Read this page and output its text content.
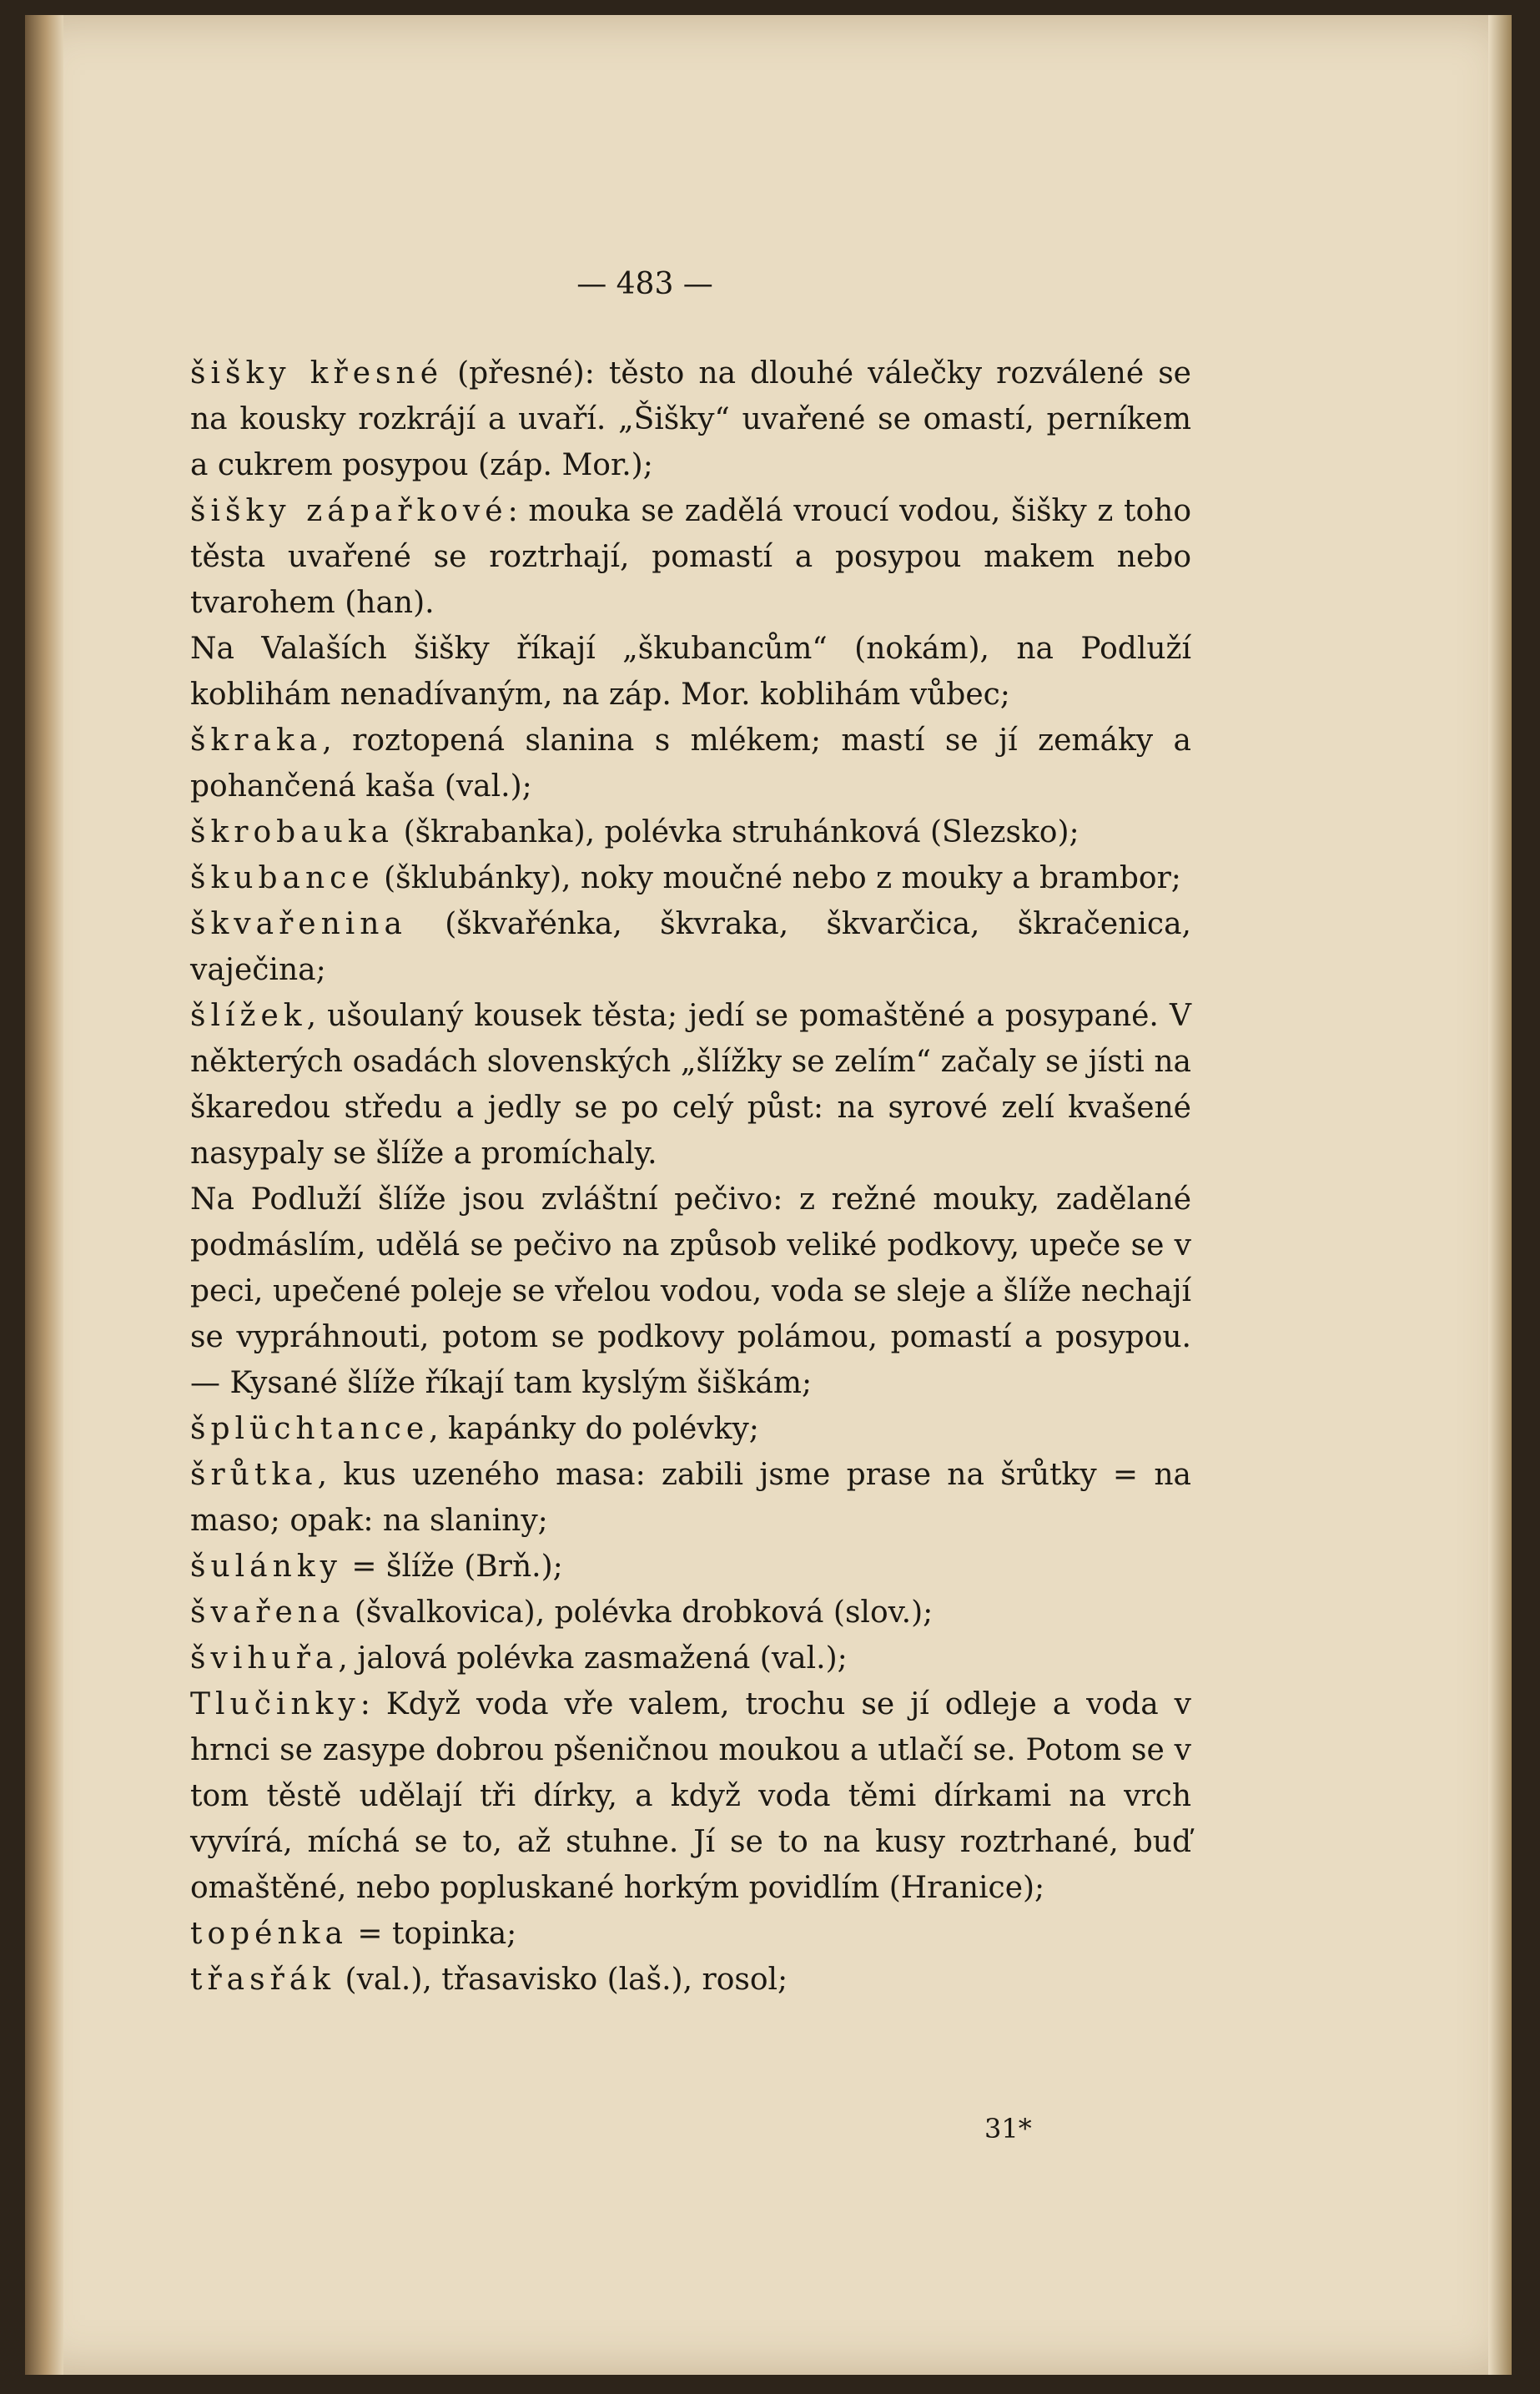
— 483 —

šišky křesné (přesné): těsto na dlouhé válečky rozválené se na kousky rozkrájí a uvaří. „Šišky“ uvařené se omastí, perníkem a cukrem posypou (záp. Mor.);

šišky zápařkové: mouka se zadělá vroucí vodou, šišky z toho těsta uvařené se roztrhají, pomastí a posypou makem nebo tvarohem (han).

Na Valaších šišky říkají „škubancům“ (nokám), na Podluží koblihám nenadívaným, na záp. Mor. koblihám vůbec;

škraka, roztopená slanina s mlékem; mastí se jí zemáky a pohančená kaša (val.);

škrobauka (škrabanka), polévka struhánková (Slezsko);

škubance (šklubánky), noky moučné nebo z mouky a brambor;

škvařenina (škvařénka, škvraka, škvarčica, škračenica, vaječina;

šlížek, ušoulaný kousek těsta; jedí se pomaštěné a posypané. V některých osadách slovenských „šlížky se zelím“ začaly se jísti na škaredou středu a jedly se po celý půst: na syrové zelí kvašené nasypaly se šlíže a promíchaly.

Na Podluží šlíže jsou zvláštní pečivo: z režné mouky, zadělané podmáslím, udělá se pečivo na způsob veliké podkovy, upeče se v peci, upečené poleje se vřelou vodou, voda se sleje a šlíže nechají se vypráhnouti, potom se podkovy polámou, pomastí a posypou. — Kysané šlíže říkají tam kyslým šiškám;

šplüchtance, kapánky do polévky;

šrůtka, kus uzeného masa: zabili jsme prase na šrůtky = na maso; opak: na slaniny;

šulánky = šlíže (Brň.);

švařena (švalkovica), polévka drobková (slov.);

švihuřa, jalová polévka zasmažená (val.);

Tlučinky: Když voda vře valem, trochu se jí odleje a voda v hrnci se zasype dobrou pšeničnou moukou a utlačí se. Potom se v tom těstě udělají tři dírky, a když voda těmi dírkami na vrch vyvírá, míchá se to, až stuhne. Jí se to na kusy roztrhané, buď omaštěné, nebo popluskané horkým povidlím (Hranice);

topénka = topinka;

třasřák (val.), třasavisko (laš.), rosol;

31*
